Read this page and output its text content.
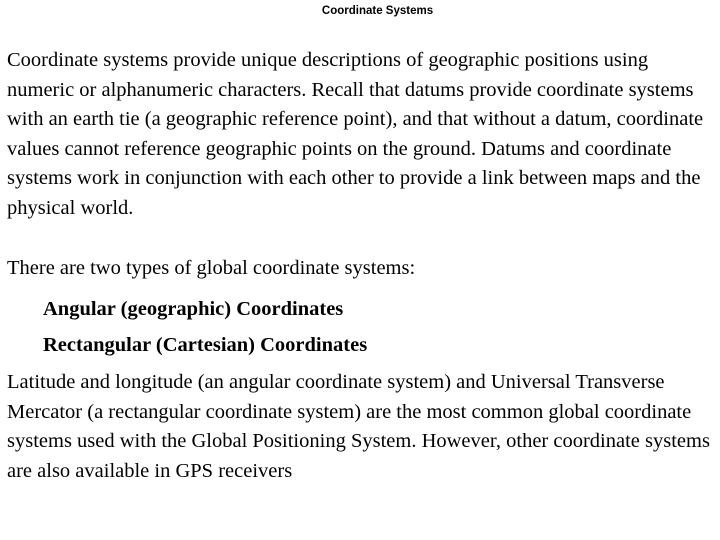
Coordinate Systems

Coordinate systems provide unique descriptions of geographic positions using numeric or alphanumeric characters. Recall that datums provide coordinate systems with an earth tie (a geographic reference point), and that without a datum, coordinate values cannot reference geographic points on the ground. Datums and coordinate systems work in conjunction with each other to provide a link between maps and the physical world.

There are two types of global coordinate systems:

Angular (geographic) Coordinates
Rectangular (Cartesian) Coordinates

Latitude and longitude (an angular coordinate system) and Universal Transverse Mercator (a rectangular coordinate system) are the most common global coordinate systems used with the Global Positioning System. However, other coordinate systems are also available in GPS receivers
